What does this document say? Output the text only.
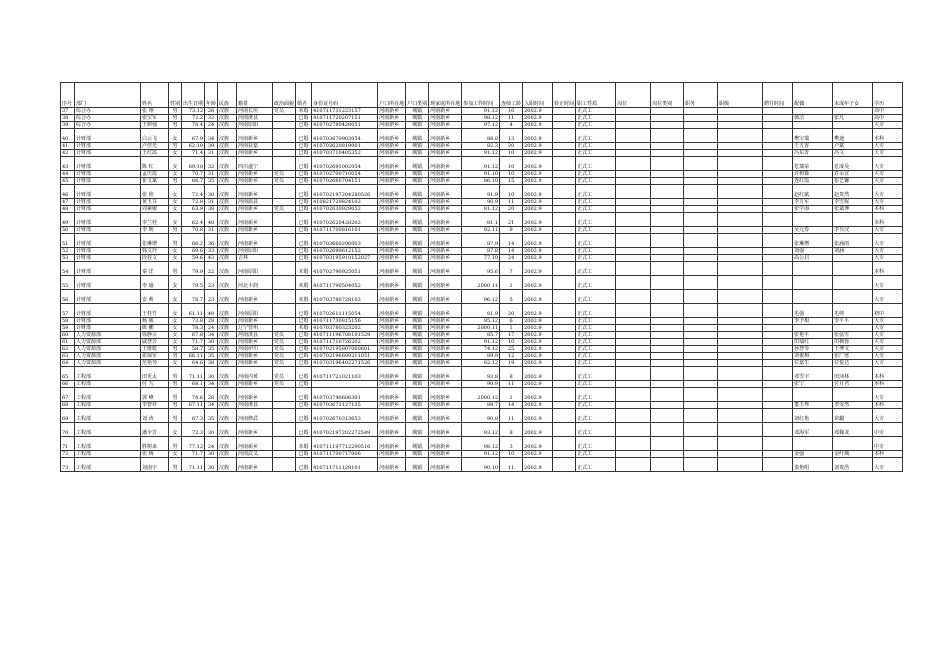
序号	部门	姓名	性别	出生日期	年龄	民族	籍贯	政治面貌	婚否	身份证号码	户口所在地	户口类别	现家庭所在地	参加工作时间	连续工龄	入职时间	转正时间	职工性质	岗位	岗位类别	职务	职级	聘任时间	配偶	未成年子女	学历
37	综合办	张 翔	男	73.12	28	汉族	河南长垣	党员	未婚	410711731223157	河南新乡	城镇	河南新乡	91.12	10	2002.9		正式工								高中
38	综合办	张宝军	男	72.2	32	汉族	河南滑县		已婚	410711720207151	河南新乡	城镇	河南新乡	98.12	11	2002.9		正式工						韩洁	张凡	高中
39	综合办	王树强	男	78.4	24	汉族	河南原阳		已婚	410702780428051	河南新乡	城镇	河南新乡	97.12	4	2002.9		正式工								大专
40	计财部	白云飞	女	67.9	34	汉族	河南新乡		已婚	410703670903054	河南新乡	城镇	河南新乡	88.8	13	2002.9		正式工						樊宝瑞	樊迪	本科
41	计财部	卢佳光	男	62.10	39	汉族	河南获嘉		已婚	410702620819001	河南新乡	城镇	河南新乡	82.3	20	2002.9		正式工						王五香	卢斌	大专
42	计财部	王红霞	女	71.4	31	汉族	河南新乡		已婚	410703710405352	河南新乡	城镇	河南新乡	91.12	10	2002.9		正式工						冯东青	冯文	大专
43	计财部	陈 红	女	69.10	32	汉族	四川遂宁		已婚	410702691002054	河南新乡	城镇	河南新乡	91.12	10	2002.9		正式工						危瑞荣	危成昊	大专
44	计财部	孟庆霞	女	70.7	31	汉族	河南新乡	党员	已婚	410702700710054	河南新乡	城镇	河南新乡	91.10	10	2002.9		正式工						许树森	许永宜	大专
45	计财部	崔文斌	男	66.7	35	汉族	河南新乡	党员	已婚	410702660704151	河南新乡	城镇	河南新乡	86.10	15	2002.9		正式工						连红霞	崔艺馨	大专
46	计财部	张 艳	女	72.4	30	汉族	河南新乡		已婚	410702197204280526	河南新乡	城镇	河南新乡	91.9	10	2002.9		正式工						赵红斌	赵贵然	大专
47	计财部	黄玉芬	女	72.8	31	汉族	河南温县		已婚	410821720824102	河南新乡	城镇	河南新乡	90.9	11	2002.9		正式工						李万军	李雪妮	大专
48	计财部	周素敏	女	63.9	38	汉族	河南新乡	党员	已婚	410702630929052	河南新乡	城镇	河南新乡	81.12	20	2002.9		正式工						张学海	张斌博	本科
49	计财部	李兰桂	女	62.4	40	汉族	河南新乡		已婚	410702620428202	河南新乡	城镇	河南新乡	81.1	21	2002.9		正式工								本科
50	计财部	李 明	男	70.8	31	汉族	河南新乡		已婚	410711700816101	河南新乡	城镇	河南新乡	92.11	9	2002.9		正式工						吴元春	李昱汉	大专
51	计财部	张琳增	男	66.2	36	汉族	河南新乡		已婚	410703660206003	河南新乡	城镇	河南新乡	87.9	14	2002.9		正式工						张琳增	张涵雨	大专
52	计财部	韩文玲	女	69.6	33	汉族	河南原阳		已婚	410702690612152	河南新乡	城镇	河南新乡	87.8	14	2002.9		正式工						刘强	刘涵	大专
53	计财部	段桂文	女	59.6	43	汉族	吉林		已婚	410703195910152027	河南新乡	城镇	河南新乡	77.10	24	2002.9		正式工						高公启		大专
54	计财部	秦 洋	男	79.9	22	汉族	河南原阳		未婚	410702790925051	河南新乡	城镇	河南新乡	95.6	7	2002.9		正式工								本科
55	计财部	李 瑜	女	79.5	23	汉族	河北丰润		未婚	410711790504052	河南新乡	城镇	河南新乡	2000.11	1	2002.9		正式工								大专
56	计财部	安 莉	女	78.7	23	汉族	河南新乡		未婚	410703780728102	河南新乡	城镇	河南新乡	96.12	5	2002.9		正式工								大专
57	计财部	王桂竹	女	61.11	40	汉族	河南原阳		已婚	410702611115054	河南新乡	城镇	河南新乡	81.9	20	2002.9		正式工						毛强	毛帅	初中
58	计财部	杨 葳	女	73.8	28	汉族	河南新乡		已婚	410711730815156	河南新乡	城镇	河南新乡	95.12	6	2002.9		正式工						李予根	李平平	大专
59	计财部	陈 鹏	女	78.3	24	汉族	辽宁营州		未婚	410703780323202	河南新乡	城镇	河南新乡	2000.11	1	2002.9		正式工								大专
60	人力资源部	徐静云	女	67.8	34	汉族	河南淇县	党员	已婚	410711196708191529	河南新乡	城镇	河南新乡	85.7	17	2002.9		正式工						张艳平	张弦雪	大专
61	人力资源部	戚慧芳	女	71.7	30	汉族	河南新乡	党员	已婚	410711710726202	河南新乡	城镇	河南新乡	91.12	10	2002.9		正式工						田瑞红	田枫蓉	大专
62	人力资源部	王维乾	男	58.7	35	汉族	河南伊川	党员	已婚	410702195807060601	河南新乡	城镇	河南新乡	74.12	25	2002.9		正式工						孙慧琴	王博文	大专
63	人力资源部	张保军	男	66.11	35	汉族	河南新乡	党员	已婚	410702196609211051	河南新乡	城镇	河南新乡	89.9	12	2002.9		正式工						刘俊梅	张广寒	大专
64	人力资源部	范艳琴	女	64.6	38	汉族	河南新乡	党员	已婚	410703196402271526	河南新乡	城镇	河南新乡	82.12	19	2002.9		正式工						位嘉生	位悦达	大专
65	工程部	田更太	男	71.11	30	汉族	河南内黄	党员	已婚	410711721021103	河南新乡	城镇	河南新乡	93.8	8	2002.9		正式工						邓雪宇	田沛林	本科
66	工程部	付 九	男	68.1	34	汉族	河南新乡	党员	已婚		河南新乡	城镇	河南新乡	90.9	11	2002.9		正式工						张宁	付月君	本科
67	工程部	郭 峰	男	74.6	28	汉族	河南新乡		已婚	410703740606301	河南新乡	城镇	河南新乡	2000.12	1	2002.9		正式工								大专
68	工程部	李智祥	男	67.11	34	汉族	河南滑县		已婚	410703671127135	河南新乡	城镇	河南新乡	88.7	14	2002.9		正式工						董玉秀	李雯然	本科
69	工程部	刘 涛	男	67.3	35	汉族	河南修武		已婚	410702670313653	河南新乡	城镇	河南新乡	90.8	11	2002.9		正式工						刘红艳	苗璐	大专
70	工程部	潘全芳	女	72.3	30	汉族	河南新乡		已婚	410702197202272549	河南新乡	城镇	河南新乡	93.12	8	2002.9		正式工						邓海军	邓佩龙	中专
71	工程部	胜树来	男	77.12	24	汉族	河南新乡		未婚	410711197712290516	河南新乡	城镇	河南新乡	98.12	3	2002.9		正式工								中专
72	工程部	张 梅	女	71.7	30	汉族	河南武义		已婚	410711700717006	河南新乡	城镇	河南新乡	91.12	10	2002.9		正式工						金强	金叶城	本科
73	工程部	刘南宇	男	71.11	30	汉族	河南新乡		已婚	410711711129101	河南新乡	城镇	河南新乡	90.10	11	2002.9		正式工						娄艳明	刘贵浩	大专
